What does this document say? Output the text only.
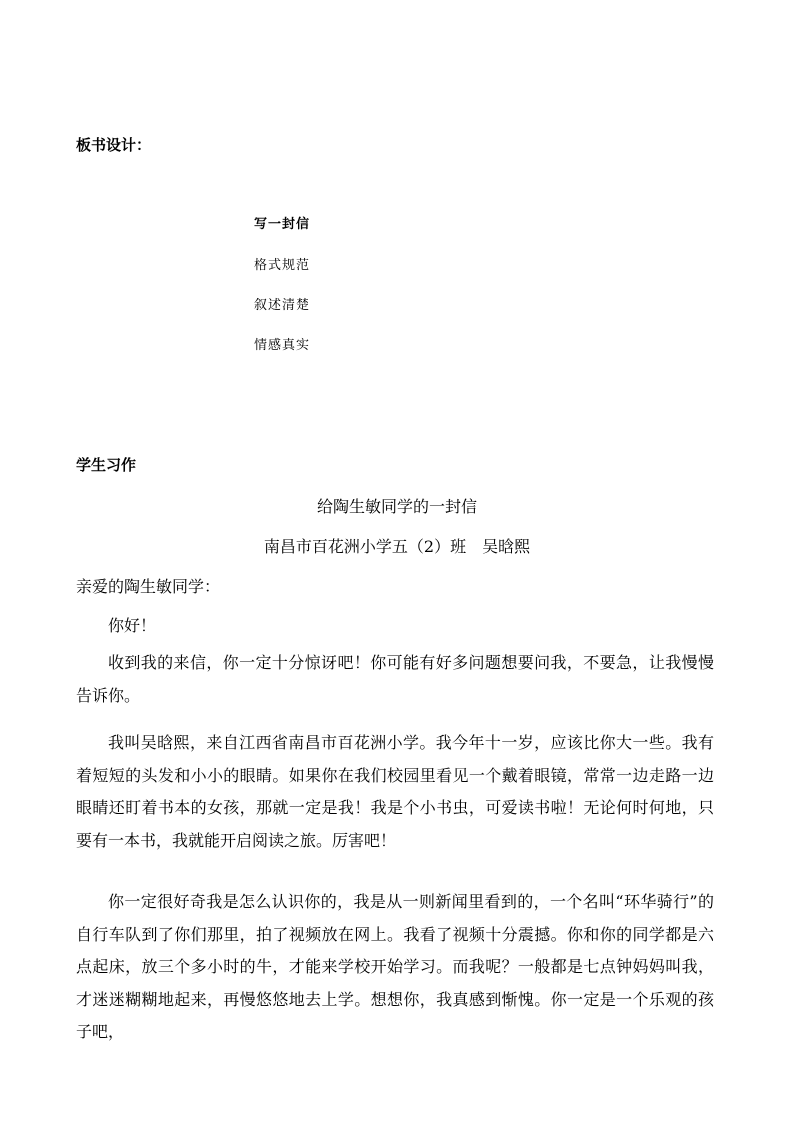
板书设计：
写一封信
格式规范
叙述清楚
情感真实
学生习作
给陶生敏同学的一封信
南昌市百花洲小学五（2）班　吴晗熙
亲爱的陶生敏同学：
你好！
收到我的来信，你一定十分惊讶吧！你可能有好多问题想要问我，不要急，让我慢慢告诉你。
我叫吴晗熙，来自江西省南昌市百花洲小学。我今年十一岁，应该比你大一些。我有着短短的头发和小小的眼睛。如果你在我们校园里看见一个戴着眼镜，常常一边走路一边眼睛还盯着书本的女孩，那就一定是我！我是个小书虫，可爱读书啦！无论何时何地，只要有一本书，我就能开启阅读之旅。厉害吧！
你一定很好奇我是怎么认识你的，我是从一则新闻里看到的，一个名叫“环华骑行”的自行车队到了你们那里，拍了视频放在网上。我看了视频十分震撼。你和你的同学都是六点起床，放三个多小时的牛，才能来学校开始学习。而我呢？一般都是七点钟妈妈叫我，才迷迷糊糊地起来，再慢悠悠地去上学。想想你，我真感到惭愧。你一定是一个乐观的孩子吧，
